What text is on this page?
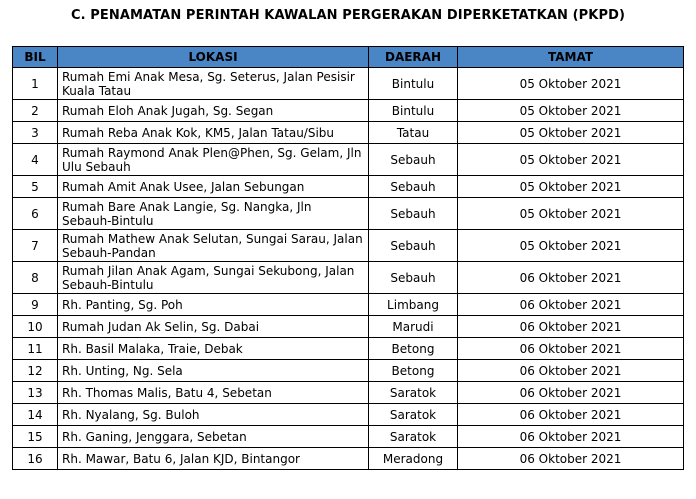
C. PENAMATAN PERINTAH KAWALAN PERGERAKAN DIPERKETATKAN (PKPD)
BIL	LOKASI	DAERAH	TAMAT
1	Rumah Emi Anak Mesa, Sg. Seterus, Jalan Pesisir Kuala Tatau	Bintulu	05 Oktober 2021
2	Rumah Eloh Anak Jugah, Sg. Segan	Bintulu	05 Oktober 2021
3	Rumah Reba Anak Kok, KM5, Jalan Tatau/Sibu	Tatau	05 Oktober 2021
4	Rumah Raymond Anak Plen@Phen, Sg. Gelam, Jln Ulu Sebauh	Sebauh	05 Oktober 2021
5	Rumah Amit Anak Usee, Jalan Sebungan	Sebauh	05 Oktober 2021
6	Rumah Bare Anak Langie, Sg. Nangka, Jln Sebauh-Bintulu	Sebauh	05 Oktober 2021
7	Rumah Mathew Anak Selutan, Sungai Sarau, Jalan Sebauh-Pandan	Sebauh	05 Oktober 2021
8	Rumah Jilan Anak Agam, Sungai Sekubong, Jalan Sebauh-Bintulu	Sebauh	06 Oktober 2021
9	Rh. Panting, Sg. Poh	Limbang	06 Oktober 2021
10	Rumah Judan Ak Selin, Sg. Dabai	Marudi	06 Oktober 2021
11	Rh. Basil Malaka, Traie, Debak	Betong	06 Oktober 2021
12	Rh. Unting, Ng. Sela	Betong	06 Oktober 2021
13	Rh. Thomas Malis, Batu 4, Sebetan	Saratok	06 Oktober 2021
14	Rh. Nyalang, Sg. Buloh	Saratok	06 Oktober 2021
15	Rh. Ganing, Jenggara, Sebetan	Saratok	06 Oktober 2021
16	Rh. Mawar, Batu 6, Jalan KJD, Bintangor	Meradong	06 Oktober 2021
